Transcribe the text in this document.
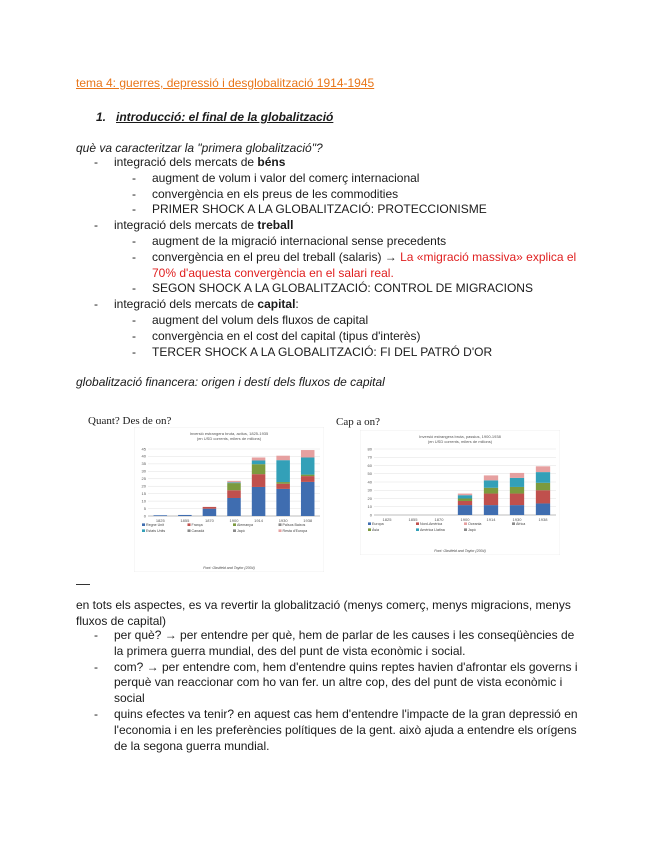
tema 4: guerres, depressió i desglobalització 1914-1945
1. introducció: el final de la globalització
què va caracteritzar la "primera globalització"?
- integració dels mercats de béns
- augment de volum i valor del comerç internacional
- convergència en els preus de les commodities
- PRIMER SHOCK A LA GLOBALITZACIÓ: PROTECCIONISME
- integració dels mercats de treball
- augment de la migració internacional sense precedents
- convergència en el preu del treball (salaris) → La «migració massiva» explica el 70% d'aquesta convergència en el salari real.
- SEGON SHOCK A LA GLOBALITZACIÓ: CONTROL DE MIGRACIONS
- integració dels mercats de capital:
- augment del volum dels fluxos de capital
- convergència en el cost del capital (tipus d'interès)
- TERCER SHOCK A LA GLOBALITZACIÓ: FI DEL PATRÓ D'OR
globalització financera: origen i destí dels fluxos de capital
Quant? Des de on?	Cap a on?
Inversió estrangera bruta, actius, 1825-1935
(en USD corrents, milers de milions)
0
5
10
15
20
25
30
35
40
45
1825	1855	1870	1900	1914	1930	1938
Regne Unit	França	Alemanya	Països Baixos
Estats Units	Canadà	Japó	Resta d'Europa
Font: Obstfeld and Taylor (2004)
Inversió estrangera bruta, passius, 1900-1938
(en USD corrents, milers de milions)
0
10
20
30
40
50
60
70
80
1825	1855	1870	1900	1914	1930	1938
Europa	Nord-Amèrica	Oceania	Àfrica
Àsia	Amèrica Llatina	Japó
Font: Obstfeld and Taylor (2004)
en tots els aspectes, es va revertir la globalització (menys comerç, menys migracions, menys fluxos de capital)
- per què? → per entendre per què, hem de parlar de les causes i les conseqüències de la primera guerra mundial, des del punt de vista econòmic i social.
- com? → per entendre com, hem d'entendre quins reptes havien d'afrontar els governs i perquè van reaccionar com ho van fer. un altre cop, des del punt de vista econòmic i social
- quins efectes va tenir? en aquest cas hem d'entendre l'impacte de la gran depressió en l'economia i en les preferències polítiques de la gent. això ajuda a entendre els orígens de la segona guerra mundial.
